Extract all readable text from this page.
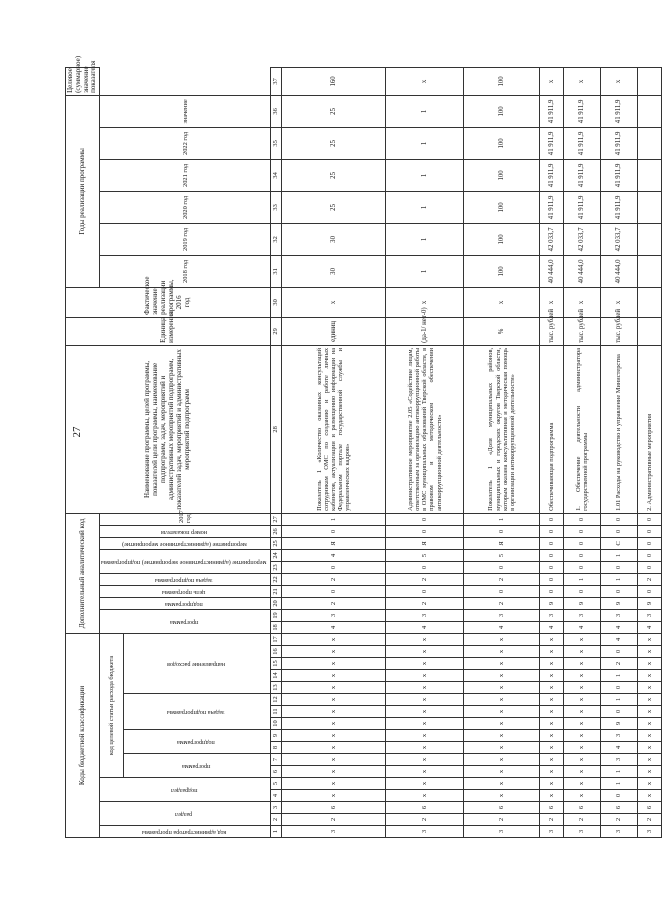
27
Коды бюджетной классификации																	Дополнительный аналитический код										Наименование программы, целей программы, показателей цели программы, наименование подпрограмм, задач, мероприятий и административных мероприятий подпрограмм, показателей задач, мероприятий и административных мероприятий подпрограмм	Единица измерения	Фактическое значение реализации программы, 2016 год	Годы реализации программы						Целевое (суммарное) значение показателя
код администратора программы	раздел		подраздел		код целевой статьи расхода бюджета												программа		подпрограмма	цель программы	задача подпрограммы	мероприятие (административное мероприятие) подпрограммы		мероприятие (административное мероприятие)	номер показателя	2017 год				2018 год	2019 год	2020 год	2021 год	2022 год	значение	
					программа		подпрограмма		задача подпрограммы			направление расходов																								
1	2	3	4	5	6	7	8	9	10	11	12	13	14	15	16	17	18	19	20	21	22	23	24	25	26	27	28	29	30	31	32	33	34	35	36	37
3	2	6	x	x	x	x	x	x	x	x	x	x	x	x	x	x	4	3	2	0	2	0	4	Я	0	1	Показатель 1 «Количество оказанных консультаций сотрудникам ОМС по созданию и работе личных кабинетов, актуализации и размещению информации на Федеральном портале государственной службы и управленческих кадров»	единиц	x	30	30	25	25	25	25	160
3	2	6	x	x	x	x	x	x	x	x	x	x	x	x	x	x	4	3	2	0	2	0	5	Я	0	0	Административное мероприятие 2.05 «Содействие лицам, ответственным за организацию антикоррупционной работы в ОМС муниципальных образований Тверской области, в правовом и методическом обеспечении антикоррупционной деятельности»	(да-1/ нет-0)	x	1	1	1	1	1	1	x
3	2	6	x	x	x	x	x	x	x	x	x	x	x	x	x	x	4	3	2	0	2	0	5	Я	0	1	Показатель 1 «Доля муниципальных районов, муниципальных и городских округов Тверской области, которым оказана консультативная и методическая помощь в организации антикоррупционной деятельности»	%	x	100	100	100	100	100	100	100
3	2	6	x	x	x	x	x	x	x	x	x	x	x	x	x	x	4	3	9	0	0	0	0	0	0	0	Обеспечивающая подпрограмма	тыс. рублей	x	40 444,0	42 033,7	41 911,9	41 911,9	41 911,9	41 911,9	x
3	2	6	x	x	x	x	x	x	x	x	x	x	x	x	x	x	4	3	9	0	1	0	0	0	0	0	1. Обеспечение деятельности администратора государственной программы	тыс. рублей	x	40 444,0	42 033,7	41 911,9	41 911,9	41 911,9	41 911,9	x
3	2	6	0	1	1	3	4	3	9	0	1	0	1	2	0	4	4	3	9	0	1	0	1	С	0	0	1.01 Расходы на руководство и управление Министерства	тыс. рублей	x	40 444,0	42 033,7	41 911,9	41 911,9	41 911,9	41 911,9	x
3	2	6	x	x	x	x	x	x	x	x	x	x	x	x	x	x	4	3	9	0	2	0	0	0	0	0	2. Административные мероприятия									
